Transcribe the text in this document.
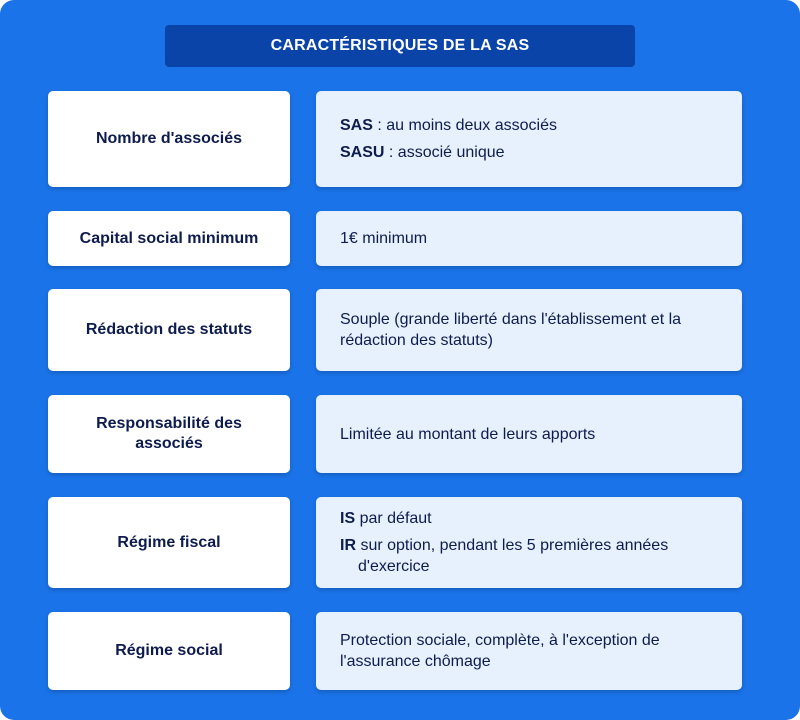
CARACTÉRISTIQUES DE LA SAS
Nombre d'associés
SAS : au moins deux associés
SASU : associé unique
Capital social minimum	1€ minimum
Rédaction des statuts
Souple (grande liberté dans l'établissement et la rédaction des statuts)
Responsabilité des associés
Limitée au montant de leurs apports
Régime fiscal
IS par défaut
IR sur option, pendant les 5 premières années d'exercice
Régime social
Protection sociale, complète, à l'exception de l'assurance chômage
